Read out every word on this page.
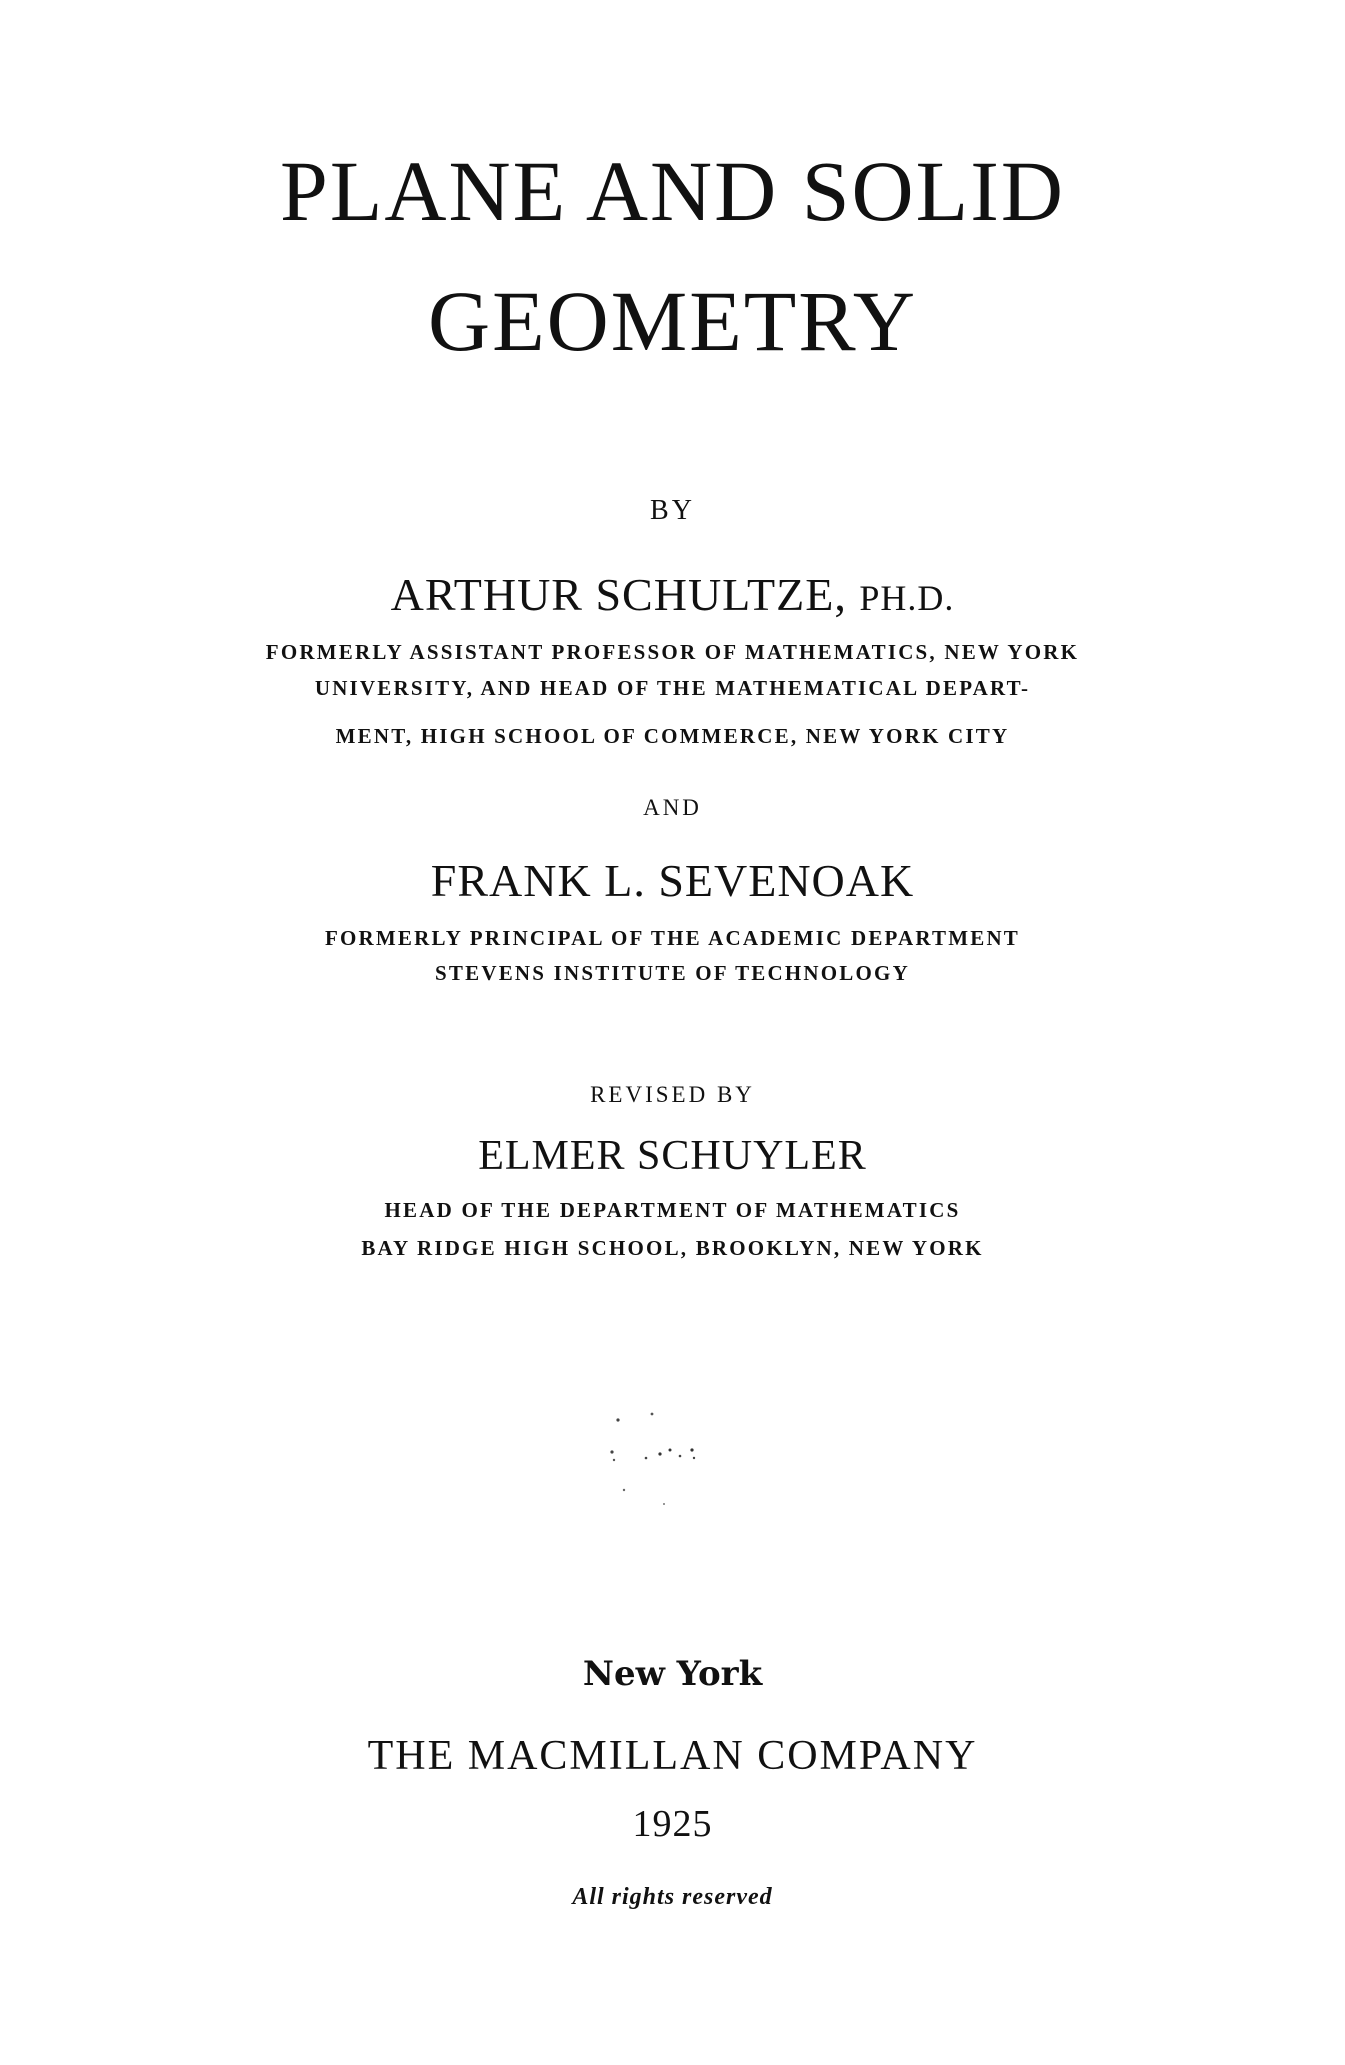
PLANE AND SOLID
GEOMETRY
BY
ARTHUR SCHULTZE, PH.D.
FORMERLY ASSISTANT PROFESSOR OF MATHEMATICS, NEW YORK
UNIVERSITY, AND HEAD OF THE MATHEMATICAL DEPART-
MENT, HIGH SCHOOL OF COMMERCE, NEW YORK CITY
AND
FRANK L. SEVENOAK
FORMERLY PRINCIPAL OF THE ACADEMIC DEPARTMENT
STEVENS INSTITUTE OF TECHNOLOGY
REVISED BY
ELMER SCHUYLER
HEAD OF THE DEPARTMENT OF MATHEMATICS
BAY RIDGE HIGH SCHOOL, BROOKLYN, NEW YORK
New York
THE MACMILLAN COMPANY
1925
All rights reserved
